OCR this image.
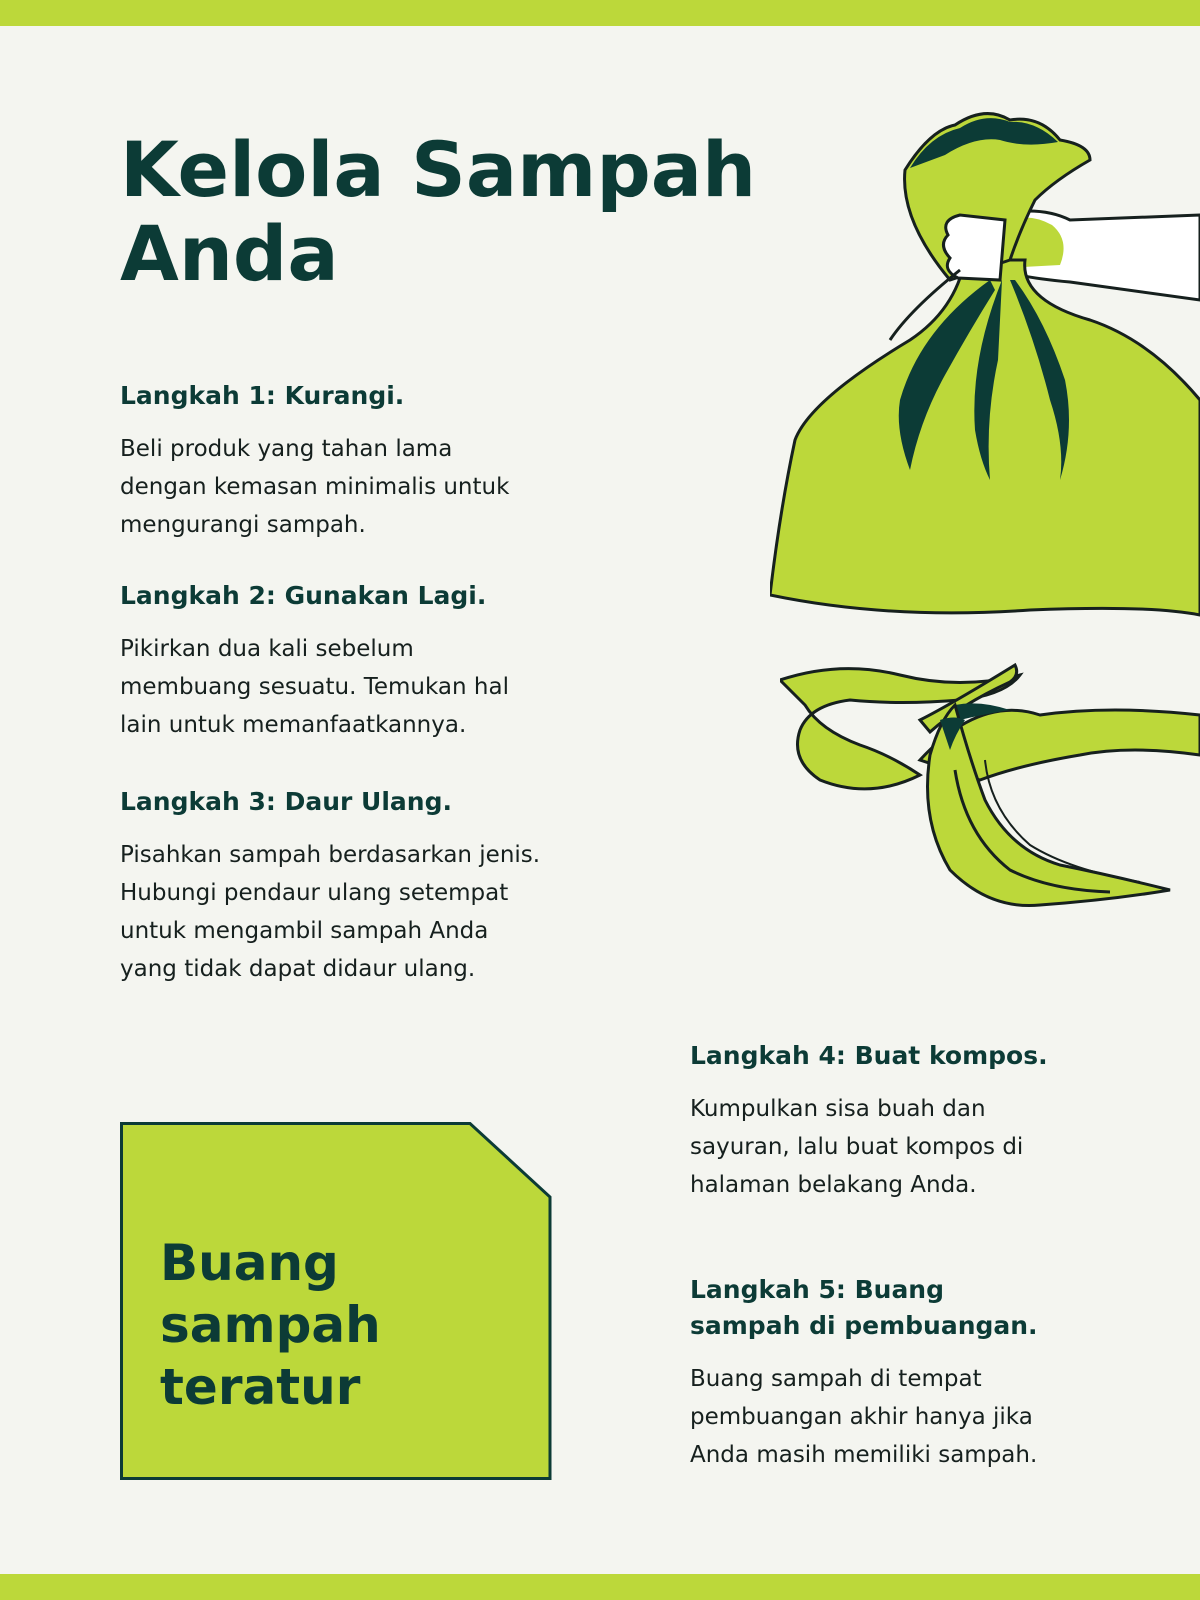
Kelola Sampah
Anda
Langkah 1: Kurangi.

Beli produk yang tahan lama
dengan kemasan minimalis untuk
mengurangi sampah.

Langkah 2: Gunakan Lagi.

Pikirkan dua kali sebelum
membuang sesuatu. Temukan hal
lain untuk memanfaatkannya.

Langkah 3: Daur Ulang.

Pisahkan sampah berdasarkan jenis.
Hubungi pendaur ulang setempat
untuk mengambil sampah Anda
yang tidak dapat didaur ulang.

Langkah 4: Buat kompos.

Kumpulkan sisa buah dan
sayuran, lalu buat kompos di
halaman belakang Anda.

Langkah 5: Buang
sampah di pembuangan.

Buang sampah di tempat
pembuangan akhir hanya jika
Anda masih memiliki sampah.

Buang
sampah
teratur
